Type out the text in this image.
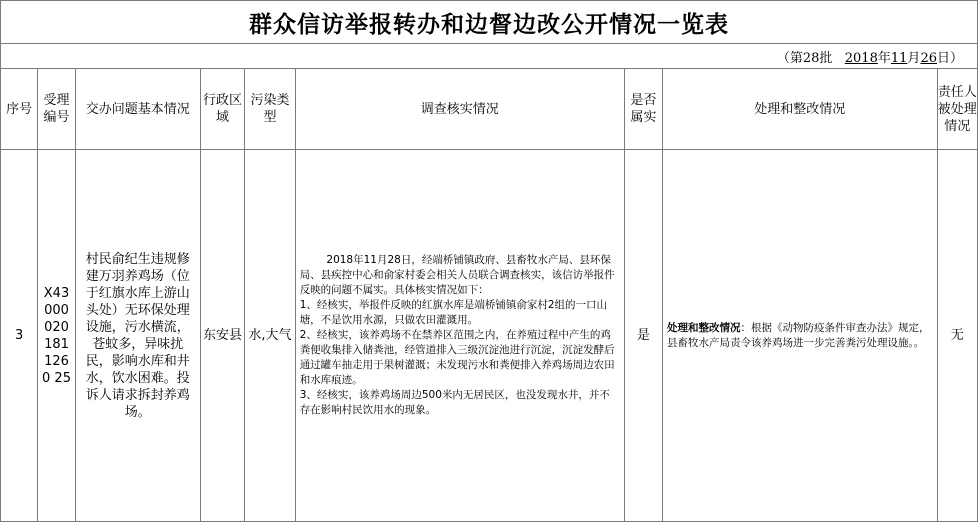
群众信访举报转办和边督边改公开情况一览表
（第28批 2018年11月26日）
序号	受理编号	交办问题基本情况	行政区域	污染类型	调查核实情况	是否属实	处理和整改情况	责任人被处理情况
3	X430000201811260 25	村民俞纪生违规修建万羽养鸡场（位于红旗水库上游山头处）无环保处理设施，污水横流，苍蚊多，异味扰民，影响水库和井水，饮水困难。投诉人请求拆封养鸡场。	东安县	水,大气	2018年11月28日，经端桥铺镇政府、县畜牧水产局、县环保局、县疾控中心和俞家村委会相关人员联合调查核实，该信访举报件反映的问题不属实。具体核实情况如下：
1、经核实，举报件反映的红旗水库是端桥铺镇俞家村2组的一口山塘，不是饮用水源，只做农田灌溉用。
2、经核实，该养鸡场不在禁养区范围之内，在养殖过程中产生的鸡粪便收集排入储粪池，经管道排入三级沉淀池进行沉淀，沉淀发酵后通过罐车抽走用于果树灌溉；未发现污水和粪便排入养鸡场周边农田和水库痕迹。
3、经核实，该养鸡场周边500米内无居民区，也没发现水井，并不存在影响村民饮用水的现象。	是	处理和整改情况：根据《动物防疫条件审查办法》规定，县畜牧水产局责令该养鸡场进一步完善粪污处理设施。。	无
